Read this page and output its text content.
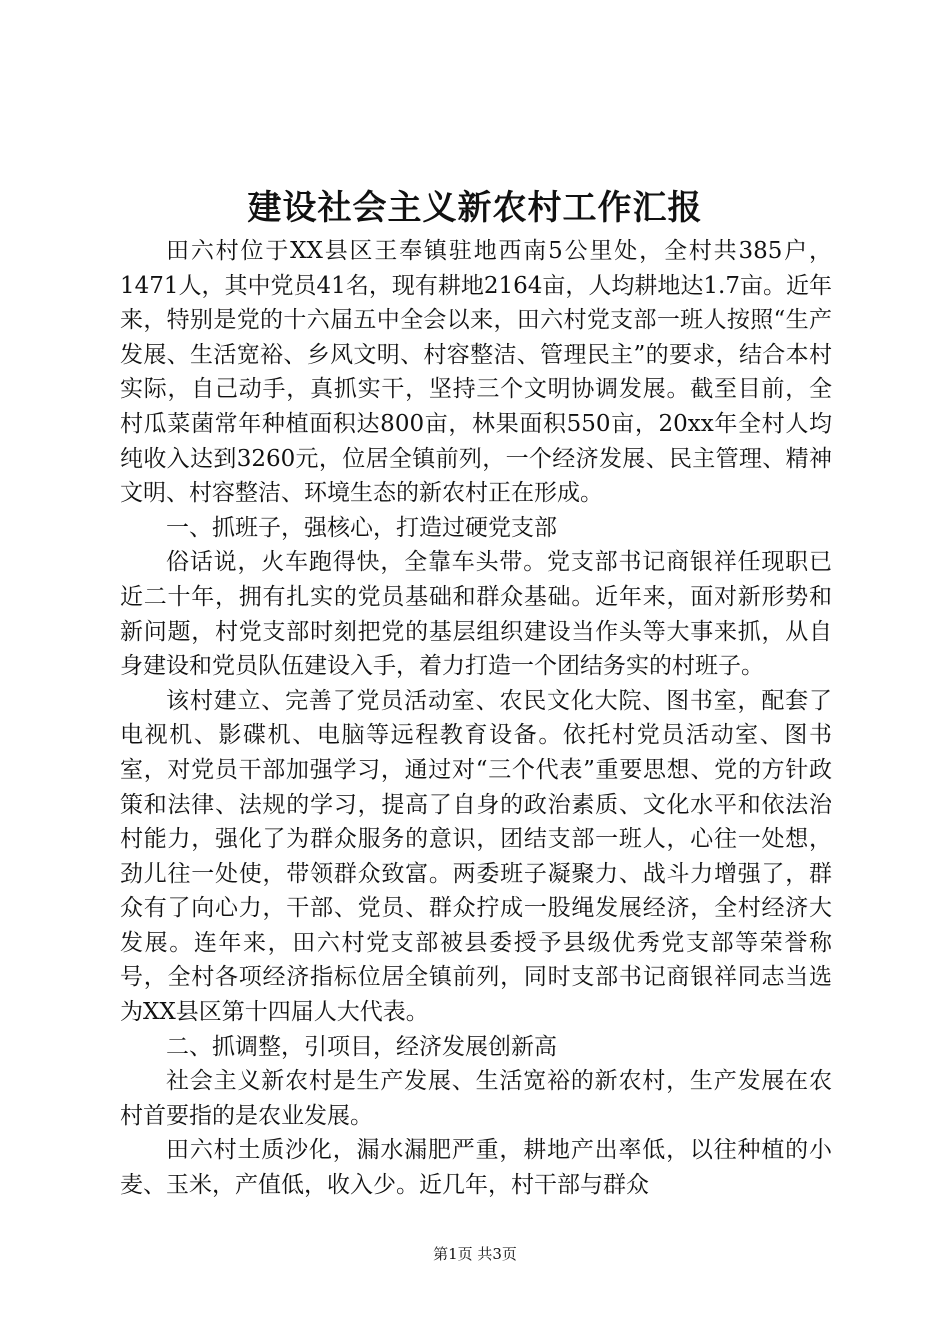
建设社会主义新农村工作汇报

田六村位于XX县区王奉镇驻地西南5公里处，全村共385户，1471人，其中党员41名，现有耕地2164亩，人均耕地达1.7亩。近年来，特别是党的十六届五中全会以来，田六村党支部一班人按照“生产发展、生活宽裕、乡风文明、村容整洁、管理民主”的要求，结合本村实际，自己动手，真抓实干，坚持三个文明协调发展。截至目前，全村瓜菜菌常年种植面积达800亩，林果面积550亩，20xx年全村人均纯收入达到3260元，位居全镇前列，一个经济发展、民主管理、精神文明、村容整洁、环境生态的新农村正在形成。

一、抓班子，强核心，打造过硬党支部

俗话说，火车跑得快，全靠车头带。党支部书记商银祥任现职已近二十年，拥有扎实的党员基础和群众基础。近年来，面对新形势和新问题，村党支部时刻把党的基层组织建设当作头等大事来抓，从自身建设和党员队伍建设入手，着力打造一个团结务实的村班子。

该村建立、完善了党员活动室、农民文化大院、图书室，配套了电视机、影碟机、电脑等远程教育设备。依托村党员活动室、图书室，对党员干部加强学习，通过对“三个代表”重要思想、党的方针政策和法律、法规的学习，提高了自身的政治素质、文化水平和依法治村能力，强化了为群众服务的意识，团结支部一班人，心往一处想，劲儿往一处使，带领群众致富。两委班子凝聚力、战斗力增强了，群众有了向心力，干部、党员、群众拧成一股绳发展经济，全村经济大发展。连年来，田六村党支部被县委授予县级优秀党支部等荣誉称号，全村各项经济指标位居全镇前列，同时支部书记商银祥同志当选为XX县区第十四届人大代表。

二、抓调整，引项目，经济发展创新高

社会主义新农村是生产发展、生活宽裕的新农村，生产发展在农村首要指的是农业发展。

田六村土质沙化，漏水漏肥严重，耕地产出率低，以往种植的小麦、玉米，产值低，收入少。近几年，村干部与群众

第1页 共3页
